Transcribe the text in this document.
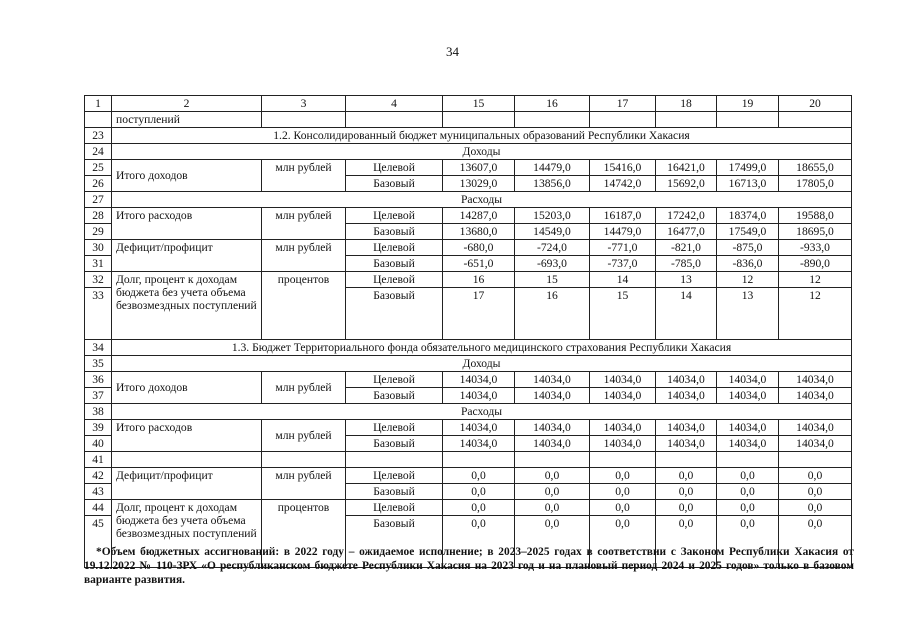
34
1	2	3	4	15	16	17	18	19	20
	поступлений								
23	1.2. Консолидированный бюджет муниципальных образований Республики Хакасия								
24	Доходы								
25	Итого доходов	млн рублей	Целевой	13607,0	14479,0	15416,0	16421,0	17499,0	18655,0
26			Базовый	13029,0	13856,0	14742,0	15692,0	16713,0	17805,0
27	Расходы								
28	Итого расходов	млн рублей	Целевой	14287,0	15203,0	16187,0	17242,0	18374,0	19588,0
29			Базовый	13680,0	14549,0	14479,0	16477,0	17549,0	18695,0
30	Дефицит/профицит	млн рублей	Целевой	-680,0	-724,0	-771,0	-821,0	-875,0	-933,0
31			Базовый	-651,0	-693,0	-737,0	-785,0	-836,0	-890,0
32	Долг, процент к доходам бюджета без учета объема безвозмездных поступлений	процентов	Целевой	16	15	14	13	12	12
33			Базовый	17	16	15	14	13	12
34	1.3. Бюджет Территориального фонда обязательного медицинского страхования Республики Хакасия								
35	Доходы								
36	Итого доходов	млн рублей	Целевой	14034,0	14034,0	14034,0	14034,0	14034,0	14034,0
37			Базовый	14034,0	14034,0	14034,0	14034,0	14034,0	14034,0
38	Расходы								
39	Итого расходов	млн рублей	Целевой	14034,0	14034,0	14034,0	14034,0	14034,0	14034,0
40			Базовый	14034,0	14034,0	14034,0	14034,0	14034,0	14034,0
41									
42	Дефицит/профицит	млн рублей	Целевой	0,0	0,0	0,0	0,0	0,0	0,0
43			Базовый	0,0	0,0	0,0	0,0	0,0	0,0
44	Долг, процент к доходам бюджета без учета объема безвозмездных поступлений	процентов	Целевой	0,0	0,0	0,0	0,0	0,0	0,0
45			Базовый	0,0	0,0	0,0	0,0	0,0	0,0
*Объем бюджетных ассигнований: в 2022 году – ожидаемое исполнение; в 2023–2025 годах в соответствии с Законом Республики Хакасия от 19.12.2022 № 110-ЗРХ «О республиканском бюджете Республики Хакасия на 2023 год и на плановый период 2024 и 2025 годов» только в базовом варианте развития.
